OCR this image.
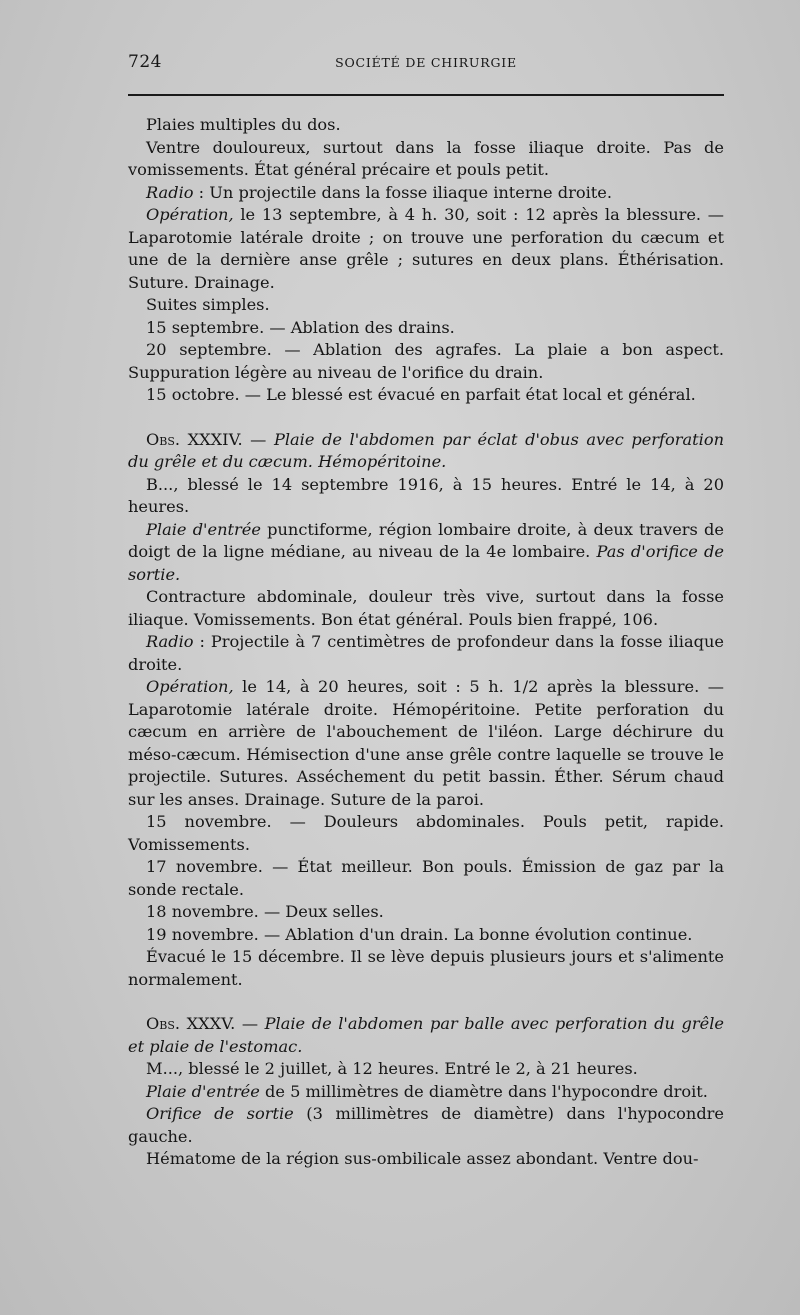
724	SOCIÉTÉ DE CHIRURGIE

Plaies multiples du dos.

Ventre douloureux, surtout dans la fosse iliaque droite. Pas de vomissements. État général précaire et pouls petit.

Radio : Un projectile dans la fosse iliaque interne droite.

Opération, le 13 septembre, à 4 h. 30, soit : 12 après la blessure. — Laparotomie latérale droite ; on trouve une perforation du cæcum et une de la dernière anse grêle ; sutures en deux plans. Éthérisation. Suture. Drainage.

Suites simples.

15 septembre. — Ablation des drains.

20 septembre. — Ablation des agrafes. La plaie a bon aspect. Suppuration légère au niveau de l'orifice du drain.

15 octobre. — Le blessé est évacué en parfait état local et général.

Obs. XXXIV. — Plaie de l'abdomen par éclat d'obus avec perforation du grêle et du cæcum. Hémopéritoine.

B..., blessé le 14 septembre 1916, à 15 heures. Entré le 14, à 20 heures.

Plaie d'entrée punctiforme, région lombaire droite, à deux travers de doigt de la ligne médiane, au niveau de la 4e lombaire. Pas d'orifice de sortie.

Contracture abdominale, douleur très vive, surtout dans la fosse iliaque. Vomissements. Bon état général. Pouls bien frappé, 106.

Radio : Projectile à 7 centimètres de profondeur dans la fosse iliaque droite.

Opération, le 14, à 20 heures, soit : 5 h. 1/2 après la blessure. — Laparotomie latérale droite. Hémopéritoine. Petite perforation du cæcum en arrière de l'abouchement de l'iléon. Large déchirure du méso-cæcum. Hémisection d'une anse grêle contre laquelle se trouve le projectile. Sutures. Asséchement du petit bassin. Éther. Sérum chaud sur les anses. Drainage. Suture de la paroi.

15 novembre. — Douleurs abdominales. Pouls petit, rapide. Vomissements.

17 novembre. — État meilleur. Bon pouls. Émission de gaz par la sonde rectale.

18 novembre. — Deux selles.

19 novembre. — Ablation d'un drain. La bonne évolution continue.

Évacué le 15 décembre. Il se lève depuis plusieurs jours et s'alimente normalement.

Obs. XXXV. — Plaie de l'abdomen par balle avec perforation du grêle et plaie de l'estomac.

M..., blessé le 2 juillet, à 12 heures. Entré le 2, à 21 heures.

Plaie d'entrée de 5 millimètres de diamètre dans l'hypocondre droit.

Orifice de sortie (3 millimètres de diamètre) dans l'hypocondre gauche.

Hématome de la région sus-ombilicale assez abondant. Ventre dou-
